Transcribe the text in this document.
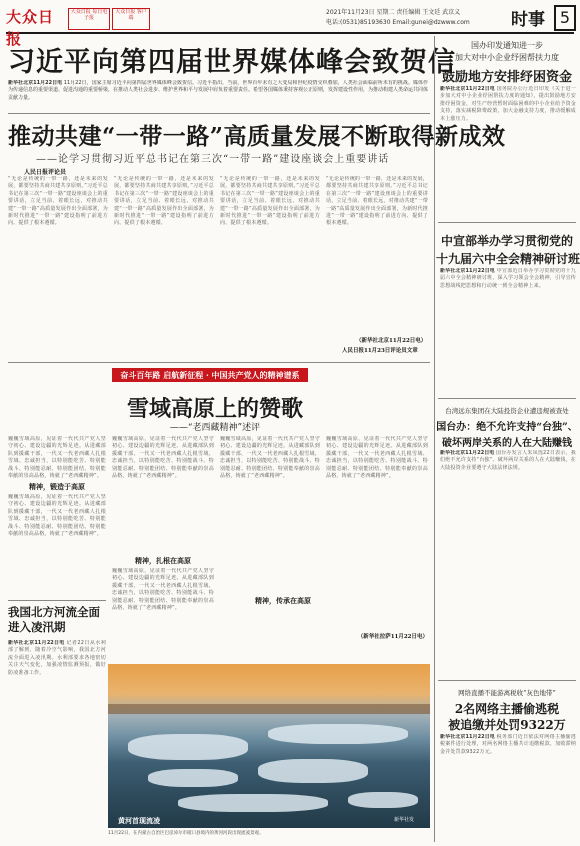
大众日报
大众日报 每日电子报
大众日报 客户端
2021年11月23日 星期二 责任编辑 王文廷 武京义
电话:(0531)85193630 Email:gunei@dzwww.com 时事 5
习近平向第四届世界媒体峰会致贺信
新华社北京11月22日电 11月22日，国家主席习近平向第四届世界媒体峰会致贺信。习近平指出，当前，世界百年未有之大变局和世纪疫情交织叠加，人类社会面临前所未有的挑战。媒体作为传递信息的重要渠道、促进沟通的重要桥梁，在推动人类社会进步、维护世界和平与发展中肩负着重要责任。希望各国媒体秉持客观公正原则，发挥建设性作用，为推动构建人类命运共同体贡献力量。
推动共建“一带一路”高质量发展不断取得新成效
——论学习贯彻习近平总书记在第三次“一带一路”建设座谈会上重要讲话
人民日报评论员
“无论是传统的一带一路，还是未来的发展，都要坚持共商共建共享原则。”习近平总书记在第三次“一带一路”建设座谈会上的重要讲话，立足当前、着眼长远，对推动共建“一带一路”高质量发展作出全面部署，为新时代推进“一带一路”建设指明了前进方向、提供了根本遵循。
“无论是传统的一带一路，还是未来的发展，都要坚持共商共建共享原则。”习近平总书记在第三次“一带一路”建设座谈会上的重要讲话，立足当前、着眼长远，对推动共建“一带一路”高质量发展作出全面部署，为新时代推进“一带一路”建设指明了前进方向、提供了根本遵循。
“无论是传统的一带一路，还是未来的发展，都要坚持共商共建共享原则。”习近平总书记在第三次“一带一路”建设座谈会上的重要讲话，立足当前、着眼长远，对推动共建“一带一路”高质量发展作出全面部署，为新时代推进“一带一路”建设指明了前进方向、提供了根本遵循。
“无论是传统的一带一路，还是未来的发展，都要坚持共商共建共享原则。”习近平总书记在第三次“一带一路”建设座谈会上的重要讲话，立足当前、着眼长远，对推动共建“一带一路”高质量发展作出全面部署，为新时代推进“一带一路”建设指明了前进方向、提供了根本遵循。
（新华社北京11月22日电）
人民日报11月23日评论员文章
奋斗百年路 启航新征程 · 中国共产党人的精神谱系
雪域高原上的赞歌
——“老西藏精神”述评
巍巍雪域高原，见证着一代代共产党人坚守初心、建设边疆的光辉足迹。从进藏部队到援藏干部，一代又一代老西藏人扎根雪域、忠诚担当，以特别能吃苦、特别能战斗、特别能忍耐、特别能团结、特别能奉献的崇高品格，铸就了“老西藏精神”。
精神，锻造于高原
巍巍雪域高原，见证着一代代共产党人坚守初心、建设边疆的光辉足迹。从进藏部队到援藏干部，一代又一代老西藏人扎根雪域、忠诚担当，以特别能吃苦、特别能战斗、特别能忍耐、特别能团结、特别能奉献的崇高品格，铸就了“老西藏精神”。
巍巍雪域高原，见证着一代代共产党人坚守初心、建设边疆的光辉足迹。从进藏部队到援藏干部，一代又一代老西藏人扎根雪域、忠诚担当，以特别能吃苦、特别能战斗、特别能忍耐、特别能团结、特别能奉献的崇高品格，铸就了“老西藏精神”。
精神，扎根在高原
巍巍雪域高原，见证着一代代共产党人坚守初心、建设边疆的光辉足迹。从进藏部队到援藏干部，一代又一代老西藏人扎根雪域、忠诚担当，以特别能吃苦、特别能战斗、特别能忍耐、特别能团结、特别能奉献的崇高品格，铸就了“老西藏精神”。
巍巍雪域高原，见证着一代代共产党人坚守初心、建设边疆的光辉足迹。从进藏部队到援藏干部，一代又一代老西藏人扎根雪域、忠诚担当，以特别能吃苦、特别能战斗、特别能忍耐、特别能团结、特别能奉献的崇高品格，铸就了“老西藏精神”。
巍巍雪域高原，见证着一代代共产党人坚守初心、建设边疆的光辉足迹。从进藏部队到援藏干部，一代又一代老西藏人扎根雪域、忠诚担当，以特别能吃苦、特别能战斗、特别能忍耐、特别能团结、特别能奉献的崇高品格，铸就了“老西藏精神”。
（新华社拉萨11月22日电）
精神，传承在高原
我国北方河流全面进入凌汛期
新华社北京11月22日电 记者22日从水利部了解到，随着冷空气影响，我国北方河流全面进入凌汛期。水利部要求各地密切关注天气变化，加强凌情监测预报，做好防凌准备工作。
黄河首现流凌	新华社发
11月22日，在内蒙古自治区巴彦淖尔市磴口县境内的黄河河段出现流凌景观。
国办印发通知进一步
加大对中小企业纾困帮扶力度
鼓励地方安排纾困资金
新华社北京11月22日电 国务院办公厅近日印发《关于进一步加大对中小企业纾困帮扶力度的通知》，提出鼓励地方安排纾困资金，对生产经营暂时面临困难的中小企业给予资金支持，落实减税降费政策，加大金融支持力度，推动缓解成本上涨压力。
中宣部举办学习贯彻党的
十九届六中全会精神研讨班
新华社北京11月22日电 中宣部近日举办学习贯彻党的十九届六中全会精神研讨班，深入学习领会全会精神，引导宣传思想战线把思想和行动统一到全会精神上来。
台湾远东集团在大陆投资企业遭违规被查处
国台办：绝不允许支持“台独”、
破坏两岸关系的人在大陆赚钱
新华社北京11月22日电 国台办发言人朱凤莲22日表示，我们绝不允许支持“台独”、破坏两岸关系的人在大陆赚钱，在大陆投资企业要遵守大陆法律法规。
网络直播不能游离税收“灰色地带”
2名网络主播偷逃税
被追缴并处罚9322万
新华社北京11月22日电 税务部门近日依法对网络主播偷逃税案件进行处理，对两名网络主播共计追缴税款、加收滞纳金并处罚款9322万元。
